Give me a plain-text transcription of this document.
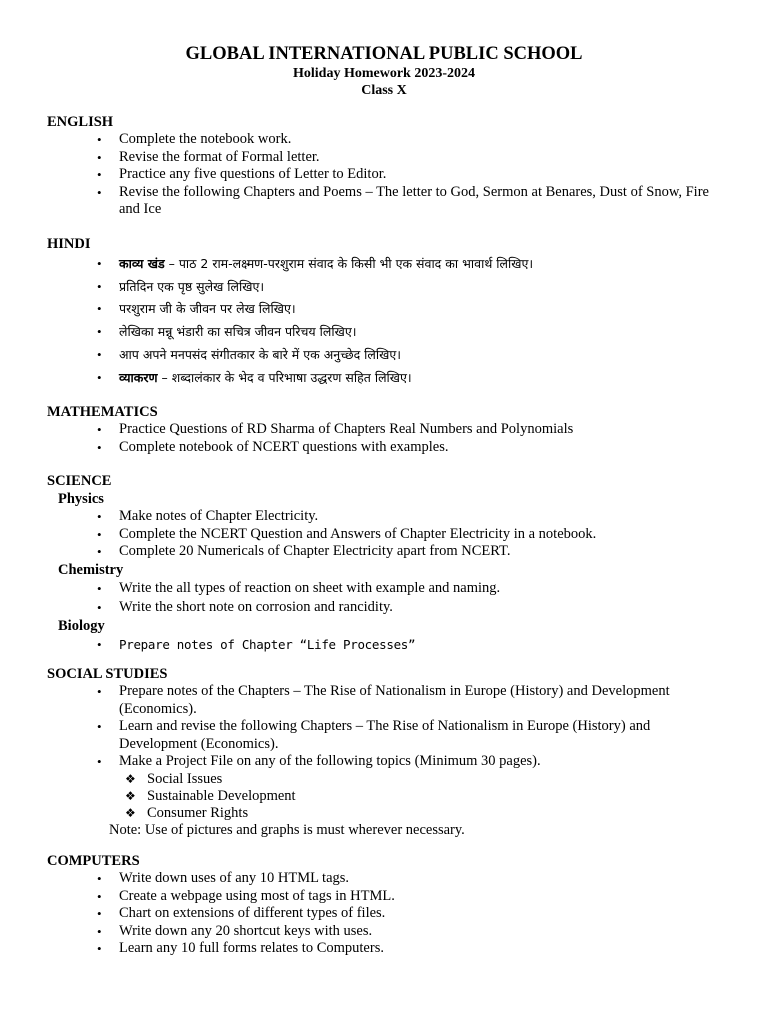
GLOBAL INTERNATIONAL PUBLIC SCHOOL
Holiday Homework 2023-2024
Class X
ENGLISH
• Complete the notebook work.
• Revise the format of Formal letter.
• Practice any five questions of Letter to Editor.
• Revise the following Chapters and Poems – The letter to God, Sermon at Benares, Dust of Snow, Fire and Ice
HINDI
• काव्य खंड – पाठ 2 राम-लक्ष्मण-परशुराम संवाद के किसी भी एक संवाद का भावार्थ लिखिए।
• प्रतिदिन एक पृष्ठ सुलेख लिखिए।
• परशुराम जी के जीवन पर लेख लिखिए।
• लेखिका मन्नू भंडारी का सचित्र जीवन परिचय लिखिए।
• आप अपने मनपसंद संगीतकार के बारे में एक अनुच्छेद लिखिए।
• व्याकरण – शब्दालंकार के भेद व परिभाषा उद्धरण सहित लिखिए।
MATHEMATICS
• Practice Questions of RD Sharma of Chapters Real Numbers and Polynomials
• Complete notebook of NCERT questions with examples.
SCIENCE
Physics
• Make notes of Chapter Electricity.
• Complete the NCERT Question and Answers of Chapter Electricity in a notebook.
• Complete 20 Numericals of Chapter Electricity apart from NCERT.
Chemistry
• Write the all types of reaction on sheet with example and naming.
• Write the short note on corrosion and rancidity.
Biology
• Prepare notes of Chapter “Life Processes”
SOCIAL STUDIES
• Prepare notes of the Chapters – The Rise of Nationalism in Europe (History) and Development (Economics).
• Learn and revise the following Chapters – The Rise of Nationalism in Europe (History) and Development (Economics).
• Make a Project File on any of the following topics (Minimum 30 pages).
❖ Social Issues
❖ Sustainable Development
❖ Consumer Rights
Note: Use of pictures and graphs is must wherever necessary.
COMPUTERS
• Write down uses of any 10 HTML tags.
• Create a webpage using most of tags in HTML.
• Chart on extensions of different types of files.
• Write down any 20 shortcut keys with uses.
• Learn any 10 full forms relates to Computers.
